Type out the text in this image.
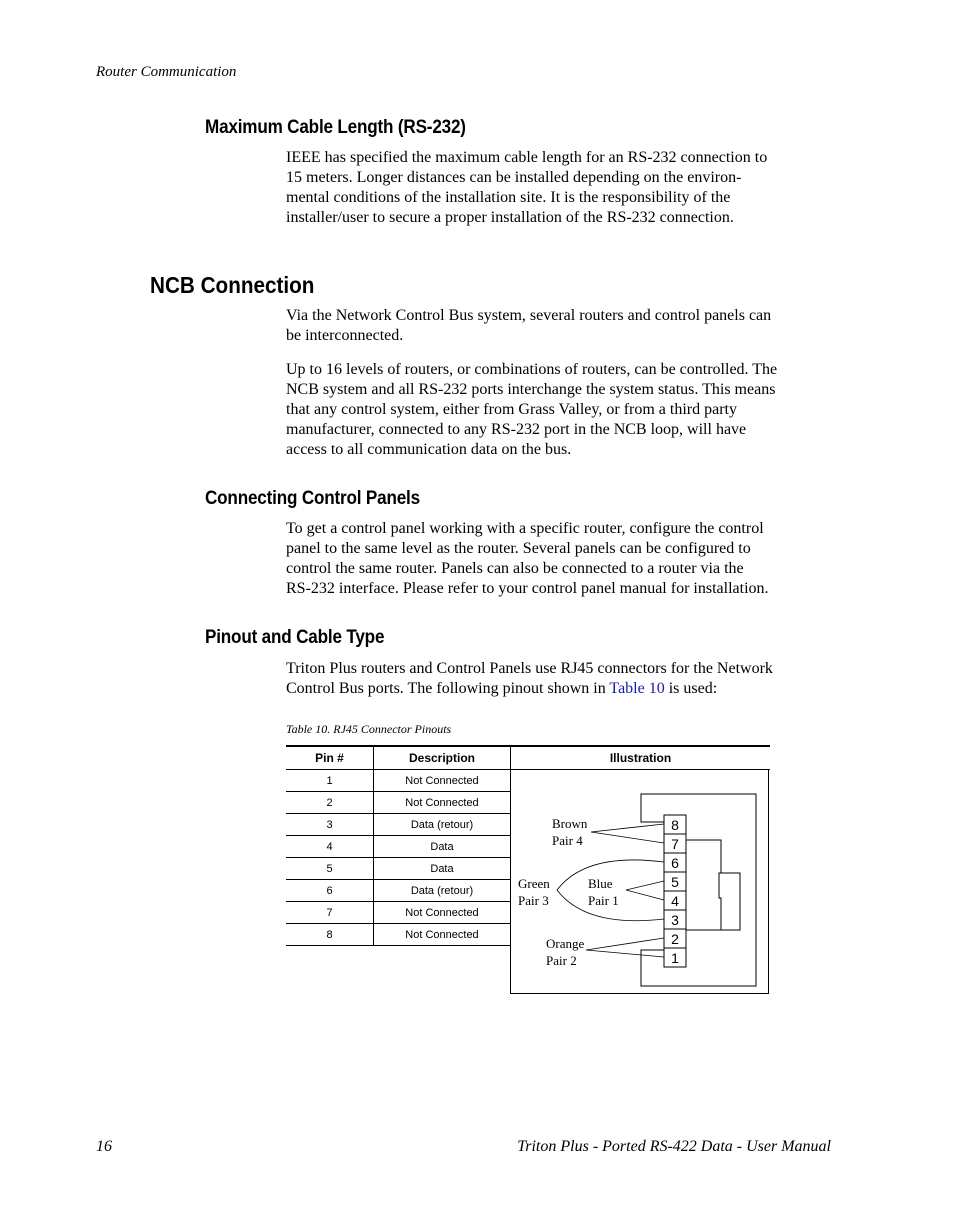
Router Communication
Maximum Cable Length (RS-232)

IEEE has specified the maximum cable length for an RS-232 connection to

15 meters. Longer distances can be installed depending on the environ-

mental conditions of the installation site. It is the responsibility of the

installer/user to secure a proper installation of the RS-232 connection.

NCB Connection

Via the Network Control Bus system, several routers and control panels can

be interconnected.

Up to 16 levels of routers, or combinations of routers, can be controlled. The

NCB system and all RS-232 ports interchange the system status. This means

that any control system, either from Grass Valley, or from a third party

manufacturer, connected to any RS-232 port in the NCB loop, will have

access to all communication data on the bus.

Connecting Control Panels

To get a control panel working with a specific router, configure the control

panel to the same level as the router. Several panels can be configured to

control the same router. Panels can also be connected to a router via the

RS-232 interface. Please refer to your control panel manual for installation.

Pinout and Cable Type

Triton Plus routers and Control Panels use RJ45 connectors for the Network

Control Bus ports. The following pinout shown in Table 10 is used:

Table 10. RJ45 Connector Pinouts
Pin #	Description	Illustration
1	Not Connected	
2	Not Connected	
3	Data (retour)	
4	Data	
5	Data	
6	Data (retour)	
7	Not Connected	
8	Not Connected	
8
7
6
5
4
3
2
1
Brown
Pair 4
Green
Pair 3
Blue
Pair 1
Orange
Pair 2
16	Triton Plus - Ported RS-422 Data - User Manual
